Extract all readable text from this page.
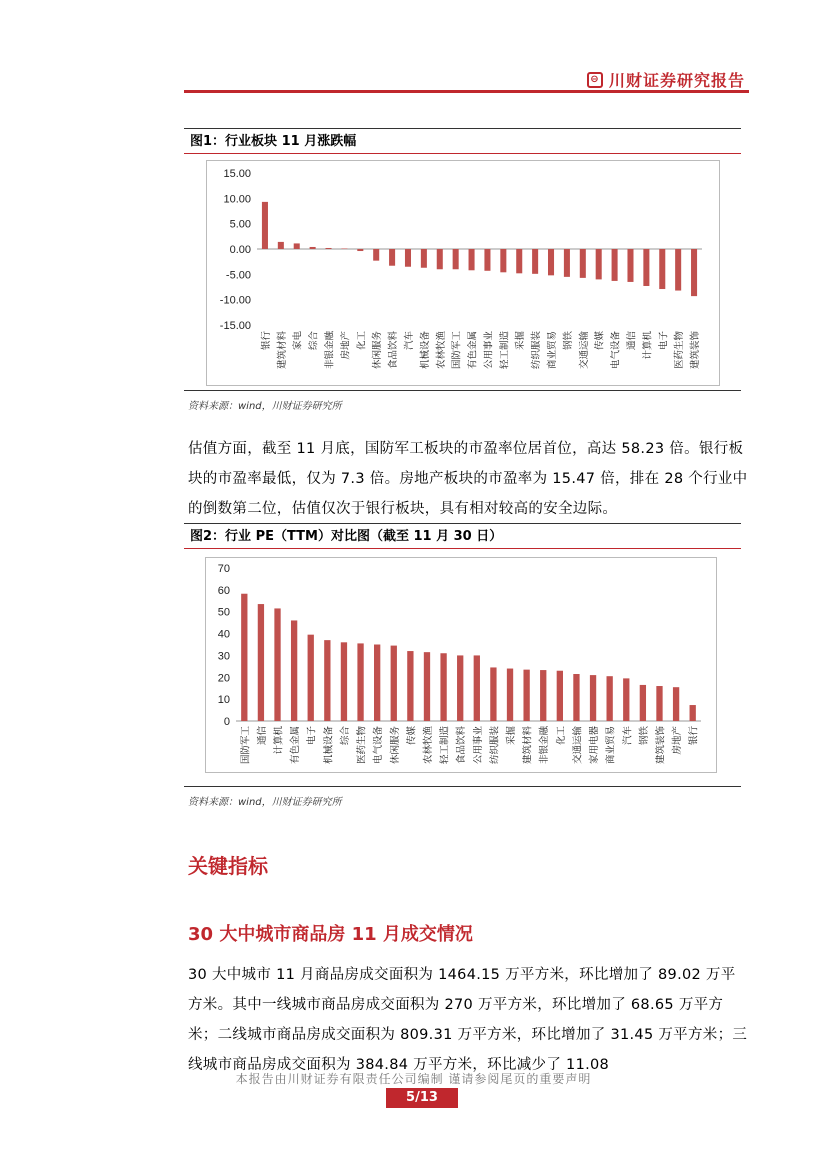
⊖ 川财证券研究报告
图1：行业板块 11 月涨跌幅
15.00
10.00
5.00
0.00
-5.00
-10.00
-15.00
银行 建筑材料 家电 综合 非银金融 房地产 化工 休闲服务 食品饮料 汽车 机械设备 农林牧渔 国防军工 有色金属 公用事业 轻工制造 采掘 纺织服装 商业贸易 钢铁 交通运输 传媒 电气设备 通信 计算机 电子 医药生物 建筑装饰
资料来源：wind，川财证券研究所
估值方面，截至 11 月底，国防军工板块的市盈率位居首位，高达 58.23 倍。银行板块的市盈率最低，仅为 7.3 倍。房地产板块的市盈率为 15.47 倍，排在 28 个行业中的倒数第二位，估值仅次于银行板块，具有相对较高的安全边际。
图2：行业 PE（TTM）对比图（截至 11 月 30 日）
70
60
50
40
30
20
10
0
国防军工 通信 计算机 有色金属 电子 机械设备 综合 医药生物 电气设备 休闲服务 传媒 农林牧渔 轻工制造 食品饮料 公用事业 纺织服装 采掘 建筑材料 非银金融 化工 交通运输 家用电器 商业贸易 汽车 钢铁 建筑装饰 房地产 银行
资料来源：wind，川财证券研究所
关键指标
30 大中城市商品房 11 月成交情况
30 大中城市 11 月商品房成交面积为 1464.15 万平方米，环比增加了 89.02 万平方米。其中一线城市商品房成交面积为 270 万平方米，环比增加了 68.65 万平方米；二线城市商品房成交面积为 809.31 万平方米，环比增加了 31.45 万平方米；三线城市商品房成交面积为 384.84 万平方米，环比减少了 11.08
本报告由川财证券有限责任公司编制 谨请参阅尾页的重要声明
5/13
